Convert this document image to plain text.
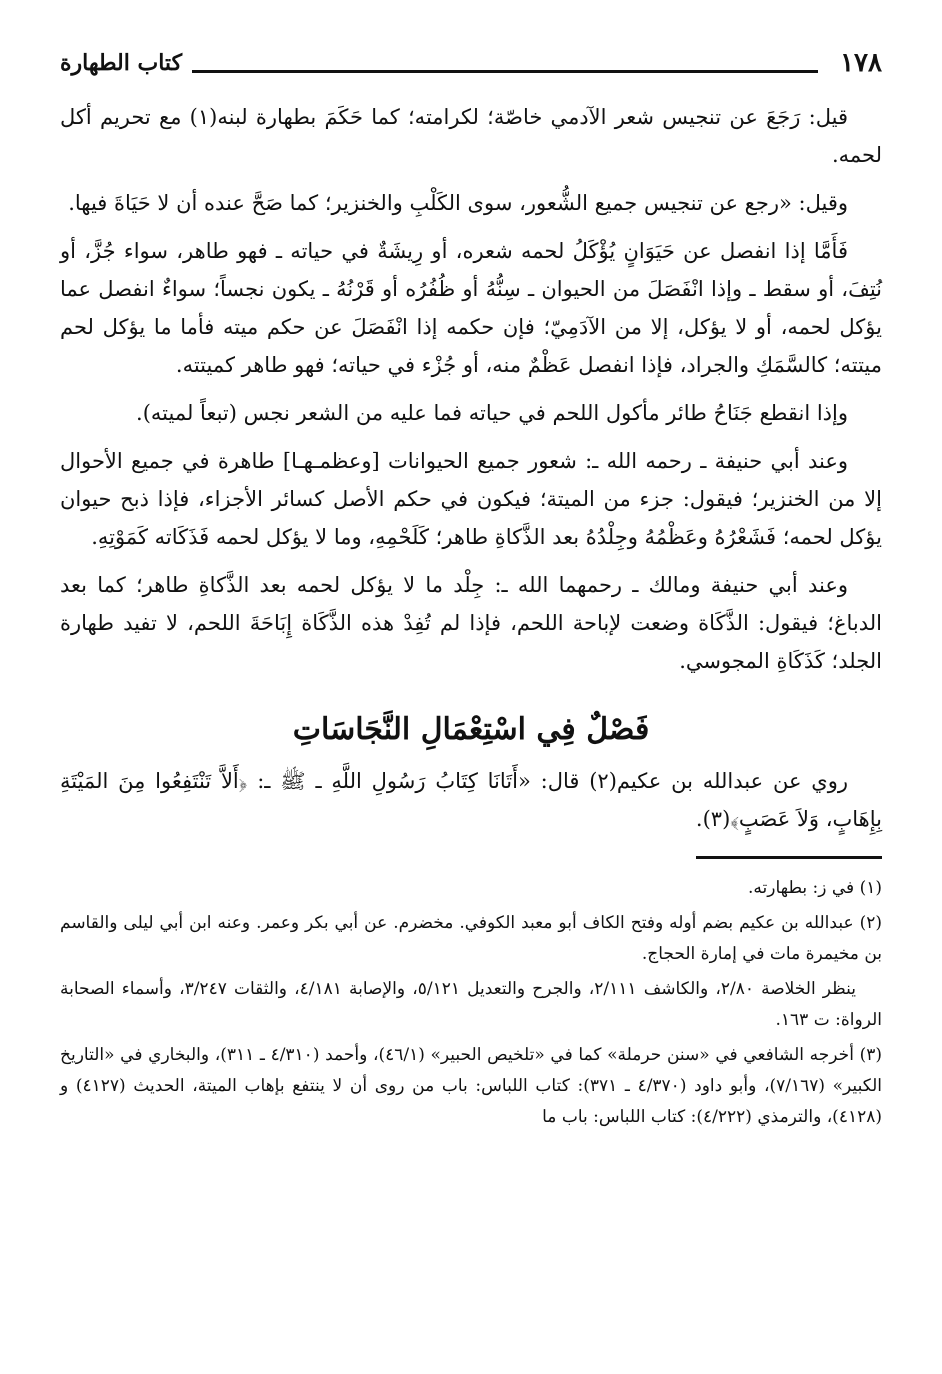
١٧٨
كتاب الطهارة

قيل: رَجَعَ عن تنجيس شعر الآدمي خاصّة؛ لكرامته؛ كما حَكَمَ بطهارة لبنه(١) مع تحريم أكل لحمه.

وقيل: «رجع عن تنجيس جميع الشُّعور، سوى الكَلْبِ والخنزير؛ كما صَحَّ عنده أن لا حَيَاةَ فيها.

فَأَمَّا إذا انفصل عن حَيَوَانٍ يُؤْكَلُ لحمه شعره، أو رِيشَةٌ في حياته ـ فهو طاهر، سواء جُزَّ، أو نُتِفَ، أو سقط ـ وإذا انْفَصَلَ من الحيوان ـ سِنُّهُ أو ظُفُرُه أو قَرْنُهُ ـ يكون نجساً؛ سواءٌ انفصل عما يؤكل لحمه، أو لا يؤكل، إلا من الآدَمِيّ؛ فإن حكمه إذا انْفَصَلَ عن حكم ميته فأما ما يؤكل لحم ميتته؛ كالسَّمَكِ والجراد، فإذا انفصل عَظْمٌ منه، أو جُزْء في حياته؛ فهو طاهر كميتته.

وإذا انقطع جَنَاحُ طائر مأكول اللحم في حياته فما عليه من الشعر نجس (تبعاً لميته).

وعند أبي حنيفة ـ رحمه الله ـ: شعور جميع الحيوانات [وعظمـهـا] طاهرة في جميع الأحوال إلا من الخنزير؛ فيقول: جزء من الميتة؛ فيكون في حكم الأصل كسائر الأجزاء، فإذا ذبح حيوان يؤكل لحمه؛ فَشَعْرُهُ وعَظْمُهُ وجِلْدُهُ بعد الذَّكاةِ طاهر؛ كَلَحْمِهِ، وما لا يؤكل لحمه فَذَكَاته كَمَوْتِهِ.

وعند أبي حنيفة ومالك ـ رحمهما الله ـ: جِلْد ما لا يؤكل لحمه بعد الذَّكاةِ طاهر؛ كما بعد الدباغ؛ فيقول: الذَّكَاة وضعت لإباحة اللحم، فإذا لم تُفِدْ هذه الذَّكَاة إِبَاحَةَ اللحم، لا تفيد طهارة الجلد؛ كَذَكَاةِ المجوسي.

فَصْلٌ فِي اسْتِعْمَالِ النَّجَاسَاتِ

روي عن عبدالله بن عكيم(٢) قال: «أَتَانَا كِتَابُ رَسُولِ اللَّهِ ـ ﷺ ـ: ﴿أَلاَّ تَنْتَفِعُوا مِنَ المَيْتَةِ بِإِهَابٍ، وَلاَ عَصَبٍ﴾(٣).

(١) في ز: بطهارته.

(٢) عبدالله بن عكيم بضم أوله وفتح الكاف أبو معبد الكوفي. مخضرم. عن أبي بكر وعمر. وعنه ابن أبي ليلى والقاسم بن مخيمرة مات في إمارة الحجاج.

ينظر الخلاصة ٢/٨٠، والكاشف ٢/١١١، والجرح والتعديل ٥/١٢١، والإصابة ٤/١٨١، والثقات ٣/٢٤٧، وأسماء الصحابة الرواة: ت ١٦٣.

(٣) أخرجه الشافعي في «سنن حرملة» كما في «تلخيص الحبير» (٤٦/١)، وأحمد (٤/٣١٠ ـ ٣١١)، والبخاري في «التاريخ الكبير» (٧/١٦٧)، وأبو داود (٤/٣٧٠ ـ ٣٧١): كتاب اللباس: باب من روى أن لا ينتفع بإهاب الميتة، الحديث (٤١٢٧) و (٤١٢٨)، والترمذي (٤/٢٢٢): كتاب اللباس: باب ما
